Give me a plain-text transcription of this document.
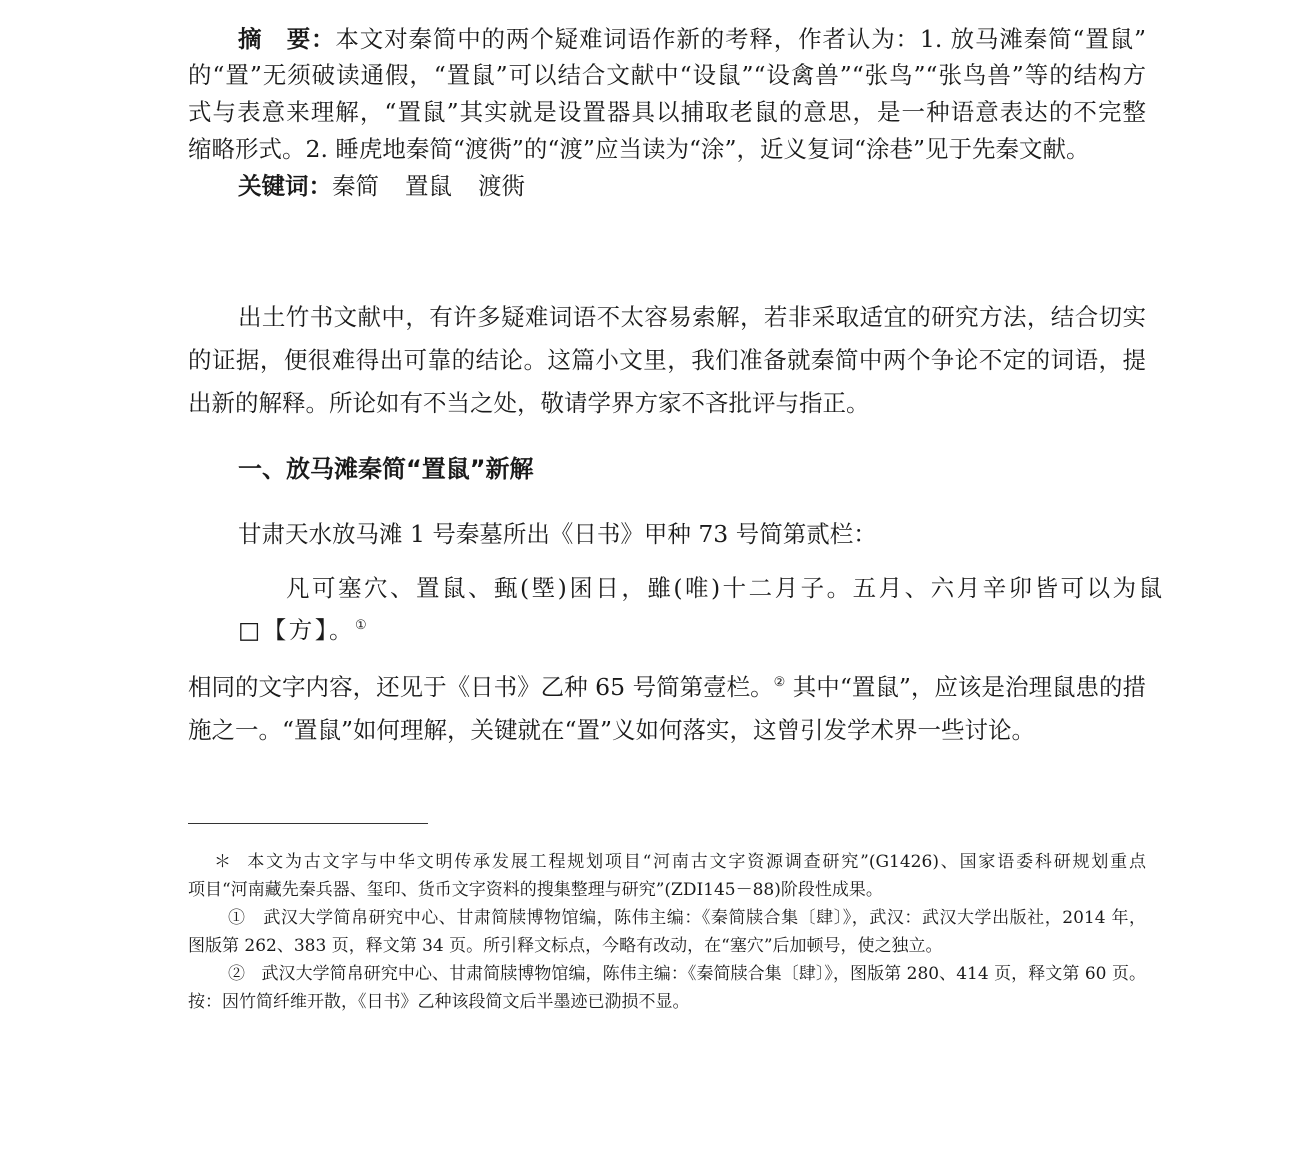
摘　要：本文对秦简中的两个疑难词语作新的考释，作者认为：1. 放马滩秦简“置鼠”
的“置”无须破读通假，“置鼠”可以结合文献中“设鼠”“设禽兽”“张鸟”“张鸟兽”等的结构方
式与表意来理解，“置鼠”其实就是设置器具以捕取老鼠的意思，是一种语意表达的不完整
缩略形式。2. 睡虎地秦简“渡衖”的“渡”应当读为“涂”，近义复词“涂巷”见于先秦文献。
关键词：秦简 置鼠 渡衖
出土竹书文献中，有许多疑难词语不太容易索解，若非采取适宜的研究方法，结合切实
的证据，便很难得出可靠的结论。这篇小文里，我们准备就秦简中两个争论不定的词语，提
出新的解释。所论如有不当之处，敬请学界方家不吝批评与指正。
一、放马滩秦简“置鼠”新解
甘肃天水放马滩 1 号秦墓所出《日书》甲种 73 号简第贰栏：
凡可塞穴、置鼠、甀(塈)囷日，雖(唯)十二月子。五月、六月辛卯皆可以为鼠
□【方】。①
相同的文字内容，还见于《日书》乙种 65 号简第壹栏。② 其中“置鼠”，应该是治理鼠患的措
施之一。“置鼠”如何理解，关键就在“置”义如何落实，这曾引发学术界一些讨论。
＊ 本文为古文字与中华文明传承发展工程规划项目“河南古文字资源调查研究”(G1426)、国家语委科研规划重点
项目“河南藏先秦兵器、玺印、货币文字资料的搜集整理与研究”(ZDI145－88)阶段性成果。
① 武汉大学简帛研究中心、甘肃简牍博物馆编，陈伟主编：《秦简牍合集〔肆〕》，武汉：武汉大学出版社，2014 年，
图版第 262、383 页，释文第 34 页。所引释文标点，今略有改动，在“塞穴”后加顿号，使之独立。
② 武汉大学简帛研究中心、甘肃简牍博物馆编，陈伟主编：《秦简牍合集〔肆〕》，图版第 280、414 页，释文第 60 页。
按：因竹简纤维开散，《日书》乙种该段简文后半墨迹已泐损不显。
